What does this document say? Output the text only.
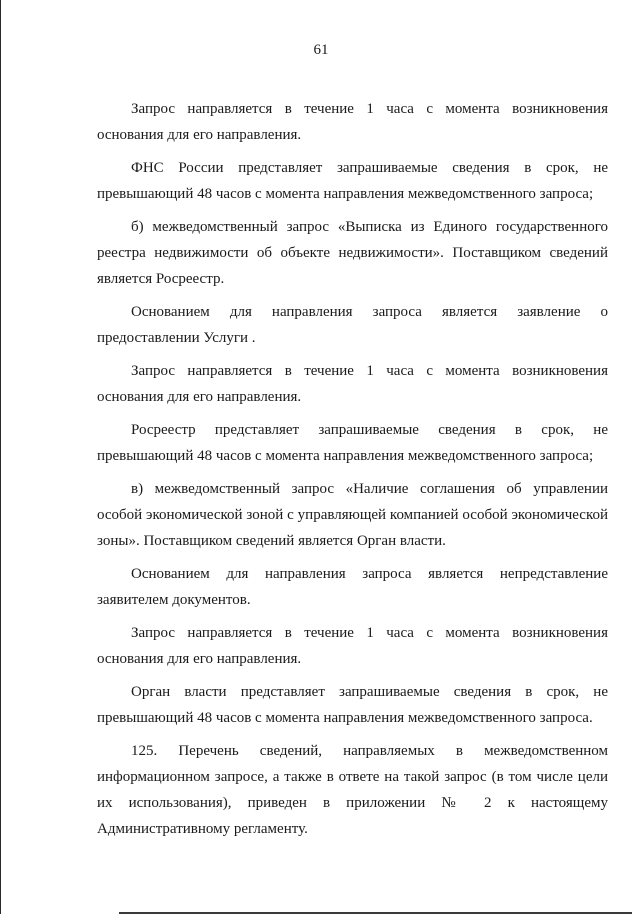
61

Запрос направляется в течение 1 часа с момента возникновения основания для его направления.

ФНС России представляет запрашиваемые сведения в срок, не превышающий 48 часов с момента направления межведомственного запроса;

б) межведомственный запрос «Выписка из Единого государственного реестра недвижимости об объекте недвижимости». Поставщиком сведений является Росреестр.

Основанием для направления запроса является заявление о предоставлении Услуги .

Запрос направляется в течение 1 часа с момента возникновения основания для его направления.

Росреестр представляет запрашиваемые сведения в срок, не превышающий 48 часов с момента направления межведомственного запроса;

в) межведомственный запрос «Наличие соглашения об управлении особой экономической зоной с управляющей компанией особой экономической зоны». Поставщиком сведений является Орган власти.

Основанием для направления запроса является непредставление заявителем документов.

Запрос направляется в течение 1 часа с момента возникновения основания для его направления.

Орган власти представляет запрашиваемые сведения в срок, не превышающий 48 часов с момента направления межведомственного запроса.

125. Перечень сведений, направляемых в межведомственном информационном запросе, а также в ответе на такой запрос (в том числе цели их использования), приведен в приложении № 2 к настоящему Административному регламенту.
